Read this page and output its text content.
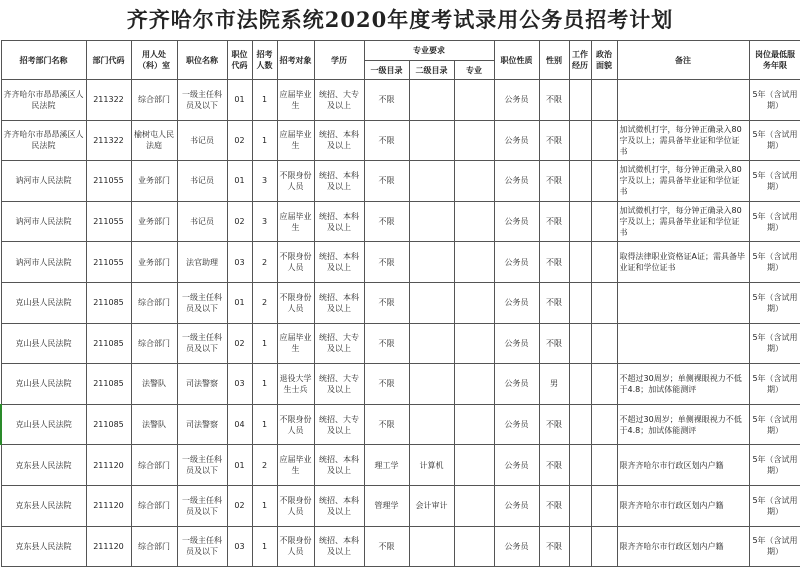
齐齐哈尔市法院系统2020年度考试录用公务员招考计划
招考部门名称	部门代码	用人处（科）室	职位名称	职位代码	招考人数	招考对象	学历	专业要求			职位性质	性别	工作经历	政治面貌	备注	岗位最低服务年限
								一级目录	二级目录	专业						
齐齐哈尔市昂昂溪区人民法院	211322	综合部门	一级主任科员及以下	01	1	应届毕业生	统招、大专及以上	不限			公务员	不限				5年（含试用期）
齐齐哈尔市昂昂溪区人民法院	211322	榆树屯人民法庭	书记员	02	1	应届毕业生	统招、本科及以上	不限			公务员	不限			加试微机打字，每分钟正确录入80字及以上；需具备毕业证和学位证书	5年（含试用期）
讷河市人民法院	211055	业务部门	书记员	01	3	不限身份人员	统招、本科及以上	不限			公务员	不限			加试微机打字，每分钟正确录入80字及以上；需具备毕业证和学位证书	5年（含试用期）
讷河市人民法院	211055	业务部门	书记员	02	3	应届毕业生	统招、本科及以上	不限			公务员	不限			加试微机打字，每分钟正确录入80字及以上；需具备毕业证和学位证书	5年（含试用期）
讷河市人民法院	211055	业务部门	法官助理	03	2	不限身份人员	统招、本科及以上	不限			公务员	不限			取得法律职业资格证A证；需具备毕业证和学位证书	5年（含试用期）
克山县人民法院	211085	综合部门	一级主任科员及以下	01	2	不限身份人员	统招、本科及以上	不限			公务员	不限				5年（含试用期）
克山县人民法院	211085	综合部门	一级主任科员及以下	02	1	应届毕业生	统招、大专及以上	不限			公务员	不限				5年（含试用期）
克山县人民法院	211085	法警队	司法警察	03	1	退役大学生士兵	统招、大专及以上	不限			公务员	男			不超过30周岁；单侧裸眼视力不低于4.8；加试体能测评	5年（含试用期）
克山县人民法院	211085	法警队	司法警察	04	1	不限身份人员	统招、大专及以上	不限			公务员	不限			不超过30周岁；单侧裸眼视力不低于4.8；加试体能测评	5年（含试用期）
克东县人民法院	211120	综合部门	一级主任科员及以下	01	2	应届毕业生	统招、本科及以上	理工学	计算机		公务员	不限			限齐齐哈尔市行政区划内户籍	5年（含试用期）
克东县人民法院	211120	综合部门	一级主任科员及以下	02	1	不限身份人员	统招、本科及以上	管理学	会计审计		公务员	不限			限齐齐哈尔市行政区划内户籍	5年（含试用期）
克东县人民法院	211120	综合部门	一级主任科员及以下	03	1	不限身份人员	统招、本科及以上	不限			公务员	不限			限齐齐哈尔市行政区划内户籍	5年（含试用期）
